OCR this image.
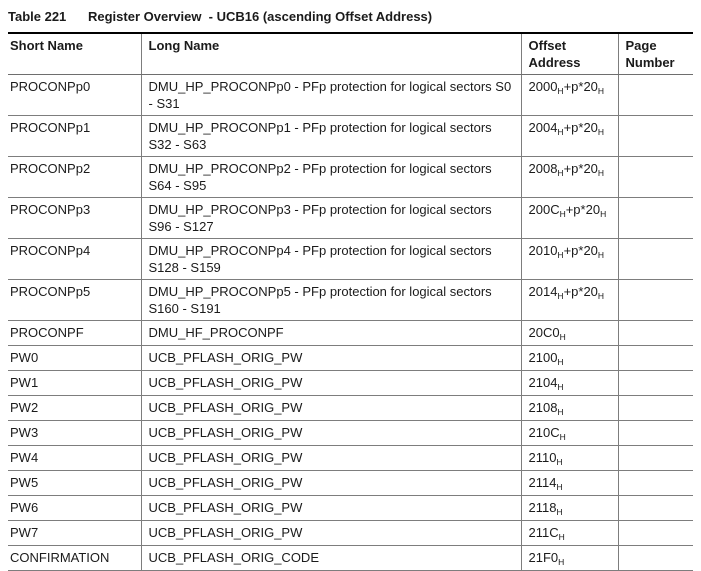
Table 221 Register Overview  - UCB16 (ascending Offset Address)
Short Name	Long Name	Offset Address	Page Number
PROCONPp0	DMU_HP_PROCONPp0 - PFp protection for logical sectors S0 - S31	$2000_H+p*20_H$	
PROCONPp1	DMU_HP_PROCONPp1 - PFp protection for logical sectors S32 - S63	$2004_H+p*20_H$	
PROCONPp2	DMU_HP_PROCONPp2 - PFp protection for logical sectors S64 - S95	$2008_H+p*20_H$	
PROCONPp3	DMU_HP_PROCONPp3 - PFp protection for logical sectors S96 - S127	$200C_H+p*20_H$	
PROCONPp4	DMU_HP_PROCONPp4 - PFp protection for logical sectors S128 - S159	$2010_H+p*20_H$	
PROCONPp5	DMU_HP_PROCONPp5 - PFp protection for logical sectors S160 - S191	$2014_H+p*20_H$	
PROCONPF	DMU_HF_PROCONPF	$20C0_H$	
PW0	UCB_PFLASH_ORIG_PW	$2100_H$	
PW1	UCB_PFLASH_ORIG_PW	$2104_H$	
PW2	UCB_PFLASH_ORIG_PW	$2108_H$	
PW3	UCB_PFLASH_ORIG_PW	$210C_H$	
PW4	UCB_PFLASH_ORIG_PW	$2110_H$	
PW5	UCB_PFLASH_ORIG_PW	$2114_H$	
PW6	UCB_PFLASH_ORIG_PW	$2118_H$	
PW7	UCB_PFLASH_ORIG_PW	$211C_H$	
CONFIRMATION	UCB_PFLASH_ORIG_CODE	$21F0_H$	
